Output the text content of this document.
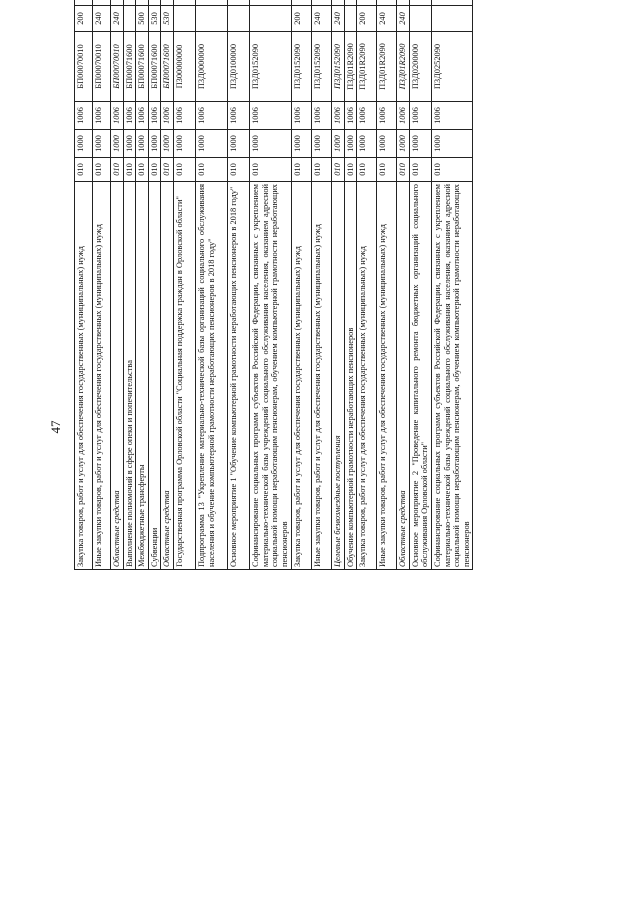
47	Закупка товаров, работ и услуг для обеспечения государственных (муниципальных) нужд	010	1000	1006	БП00070010	200				
Иные закупки товаров, работ и услуг для обеспечения государственных (муниципальных) нужд	010	1000	1006	БП00070010	240				
Областные средства	010	1000	1006	БП00070010	240				
Выполнение полномочий в сфере опеки и попечительства	010	1000	1006	БП00071600					
Межбюджетные трансферты	010	1000	1006	БП00071600	500				
Субвенции	010	1000	1006	БП00071600	530				
Областные средства	010	1000	1006	БП00071600	530				
Государственная программа Орловской области "Социальная поддержка граждан в Орловской области"	010	1000	1006	П300000000					
Подпрограмма 13 "Укрепление материально-технической базы организаций социального обслуживания населения и обучение компьютерной грамотности неработающих пенсионеров в 2018 году"	010	1000	1006	П3Д0000000					
Основное мероприятие 1 "Обучение компьютерной грамотности неработающих пенсионеров в 2018 году"	010	1000	1006	П3Д0100000					
Софинансирование социальных программ субъектов Российской Федерации, связанных с укреплением материально-технической базы учреждений социального обслуживания населения, оказанием адресной социальной помощи неработающим пенсионерам, обучением компьютерной грамотности неработающих пенсионеров	010	1000	1006	П3Д0152090					
Закупка товаров, работ и услуг для обеспечения государственных (муниципальных) нужд	010	1000	1006	П3Д0152090	200				
Иные закупки товаров, работ и услуг для обеспечения государственных (муниципальных) нужд	010	1000	1006	П3Д0152090	240				
Целевые безвозмездные поступления	010	1000	1006	П3Д0152090	240				
Обучение компьютерной грамотности неработающих пенсионеров	010	1000	1006	П3Д01R2090					
Закупка товаров, работ и услуг для обеспечения государственных (муниципальных) нужд	010	1000	1006	П3Д01R2090	200				
Иные закупки товаров, работ и услуг для обеспечения государственных (муниципальных) нужд	010	1000	1006	П3Д01R2090	240				
Областные средства	010	1000	1006	П3Д01R2090	240				
Основное мероприятие 2 "Проведение капитального ремонта бюджетных организаций социального обслуживания Орловской области"	010	1000	1006	П3Д0200000					
Софинансирование социальных программ субъектов Российской Федерации, связанных с укреплением материально-технической базы учреждений социального обслуживания населения, оказанием адресной социальной помощи неработающим пенсионерам, обучением компьютерной грамотности неработающих пенсионеров	010	1000	1006	П3Д0252090					
